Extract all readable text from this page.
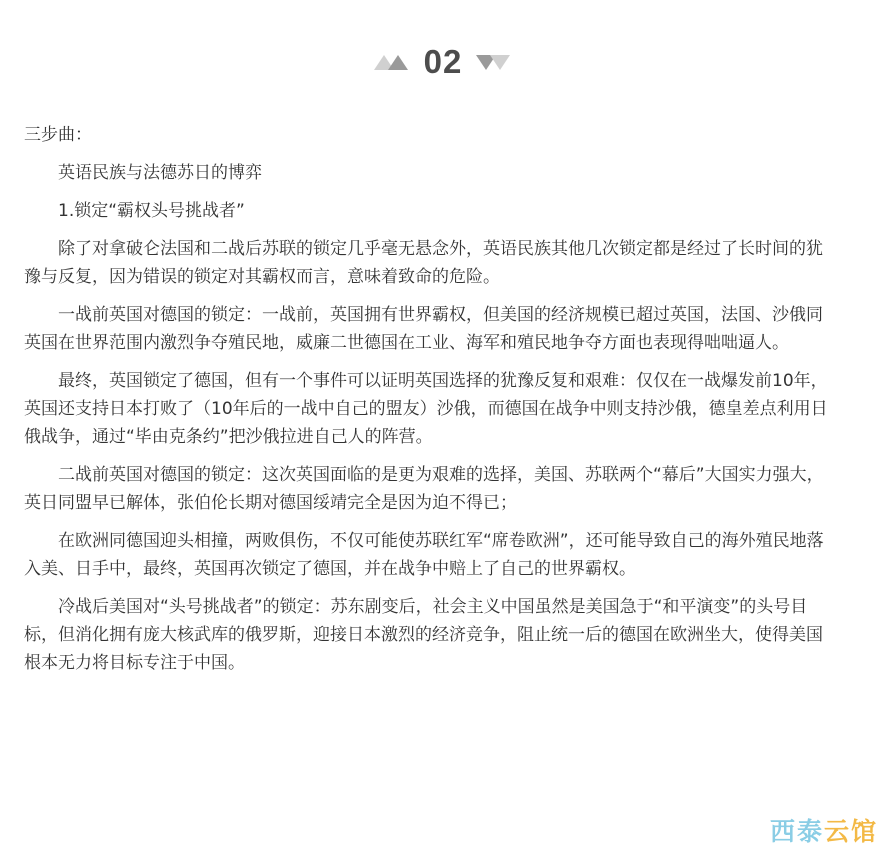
02

三步曲：

英语民族与法德苏日的博弈

1.锁定“霸权头号挑战者”

除了对拿破仑法国和二战后苏联的锁定几乎毫无悬念外，英语民族其他几次锁定都是经过了长时间的犹豫与反复，因为错误的锁定对其霸权而言，意味着致命的危险。

一战前英国对德国的锁定：一战前，英国拥有世界霸权，但美国的经济规模已超过英国，法国、沙俄同英国在世界范围内激烈争夺殖民地，威廉二世德国在工业、海军和殖民地争夺方面也表现得咄咄逼人。

最终，英国锁定了德国，但有一个事件可以证明英国选择的犹豫反复和艰难：仅仅在一战爆发前10年，英国还支持日本打败了（10年后的一战中自己的盟友）沙俄，而德国在战争中则支持沙俄，德皇差点利用日俄战争，通过“毕由克条约”把沙俄拉进自己人的阵营。

二战前英国对德国的锁定：这次英国面临的是更为艰难的选择，美国、苏联两个“幕后”大国实力强大，英日同盟早已解体，张伯伦长期对德国绥靖完全是因为迫不得已；

在欧洲同德国迎头相撞，两败俱伤，不仅可能使苏联红军“席卷欧洲”，还可能导致自己的海外殖民地落入美、日手中，最终，英国再次锁定了德国，并在战争中赔上了自己的世界霸权。

冷战后美国对“头号挑战者”的锁定：苏东剧变后，社会主义中国虽然是美国急于“和平演变”的头号目标，但消化拥有庞大核武库的俄罗斯，迎接日本激烈的经济竞争，阻止统一后的德国在欧洲坐大，使得美国根本无力将目标专注于中国。

西泰云馆
